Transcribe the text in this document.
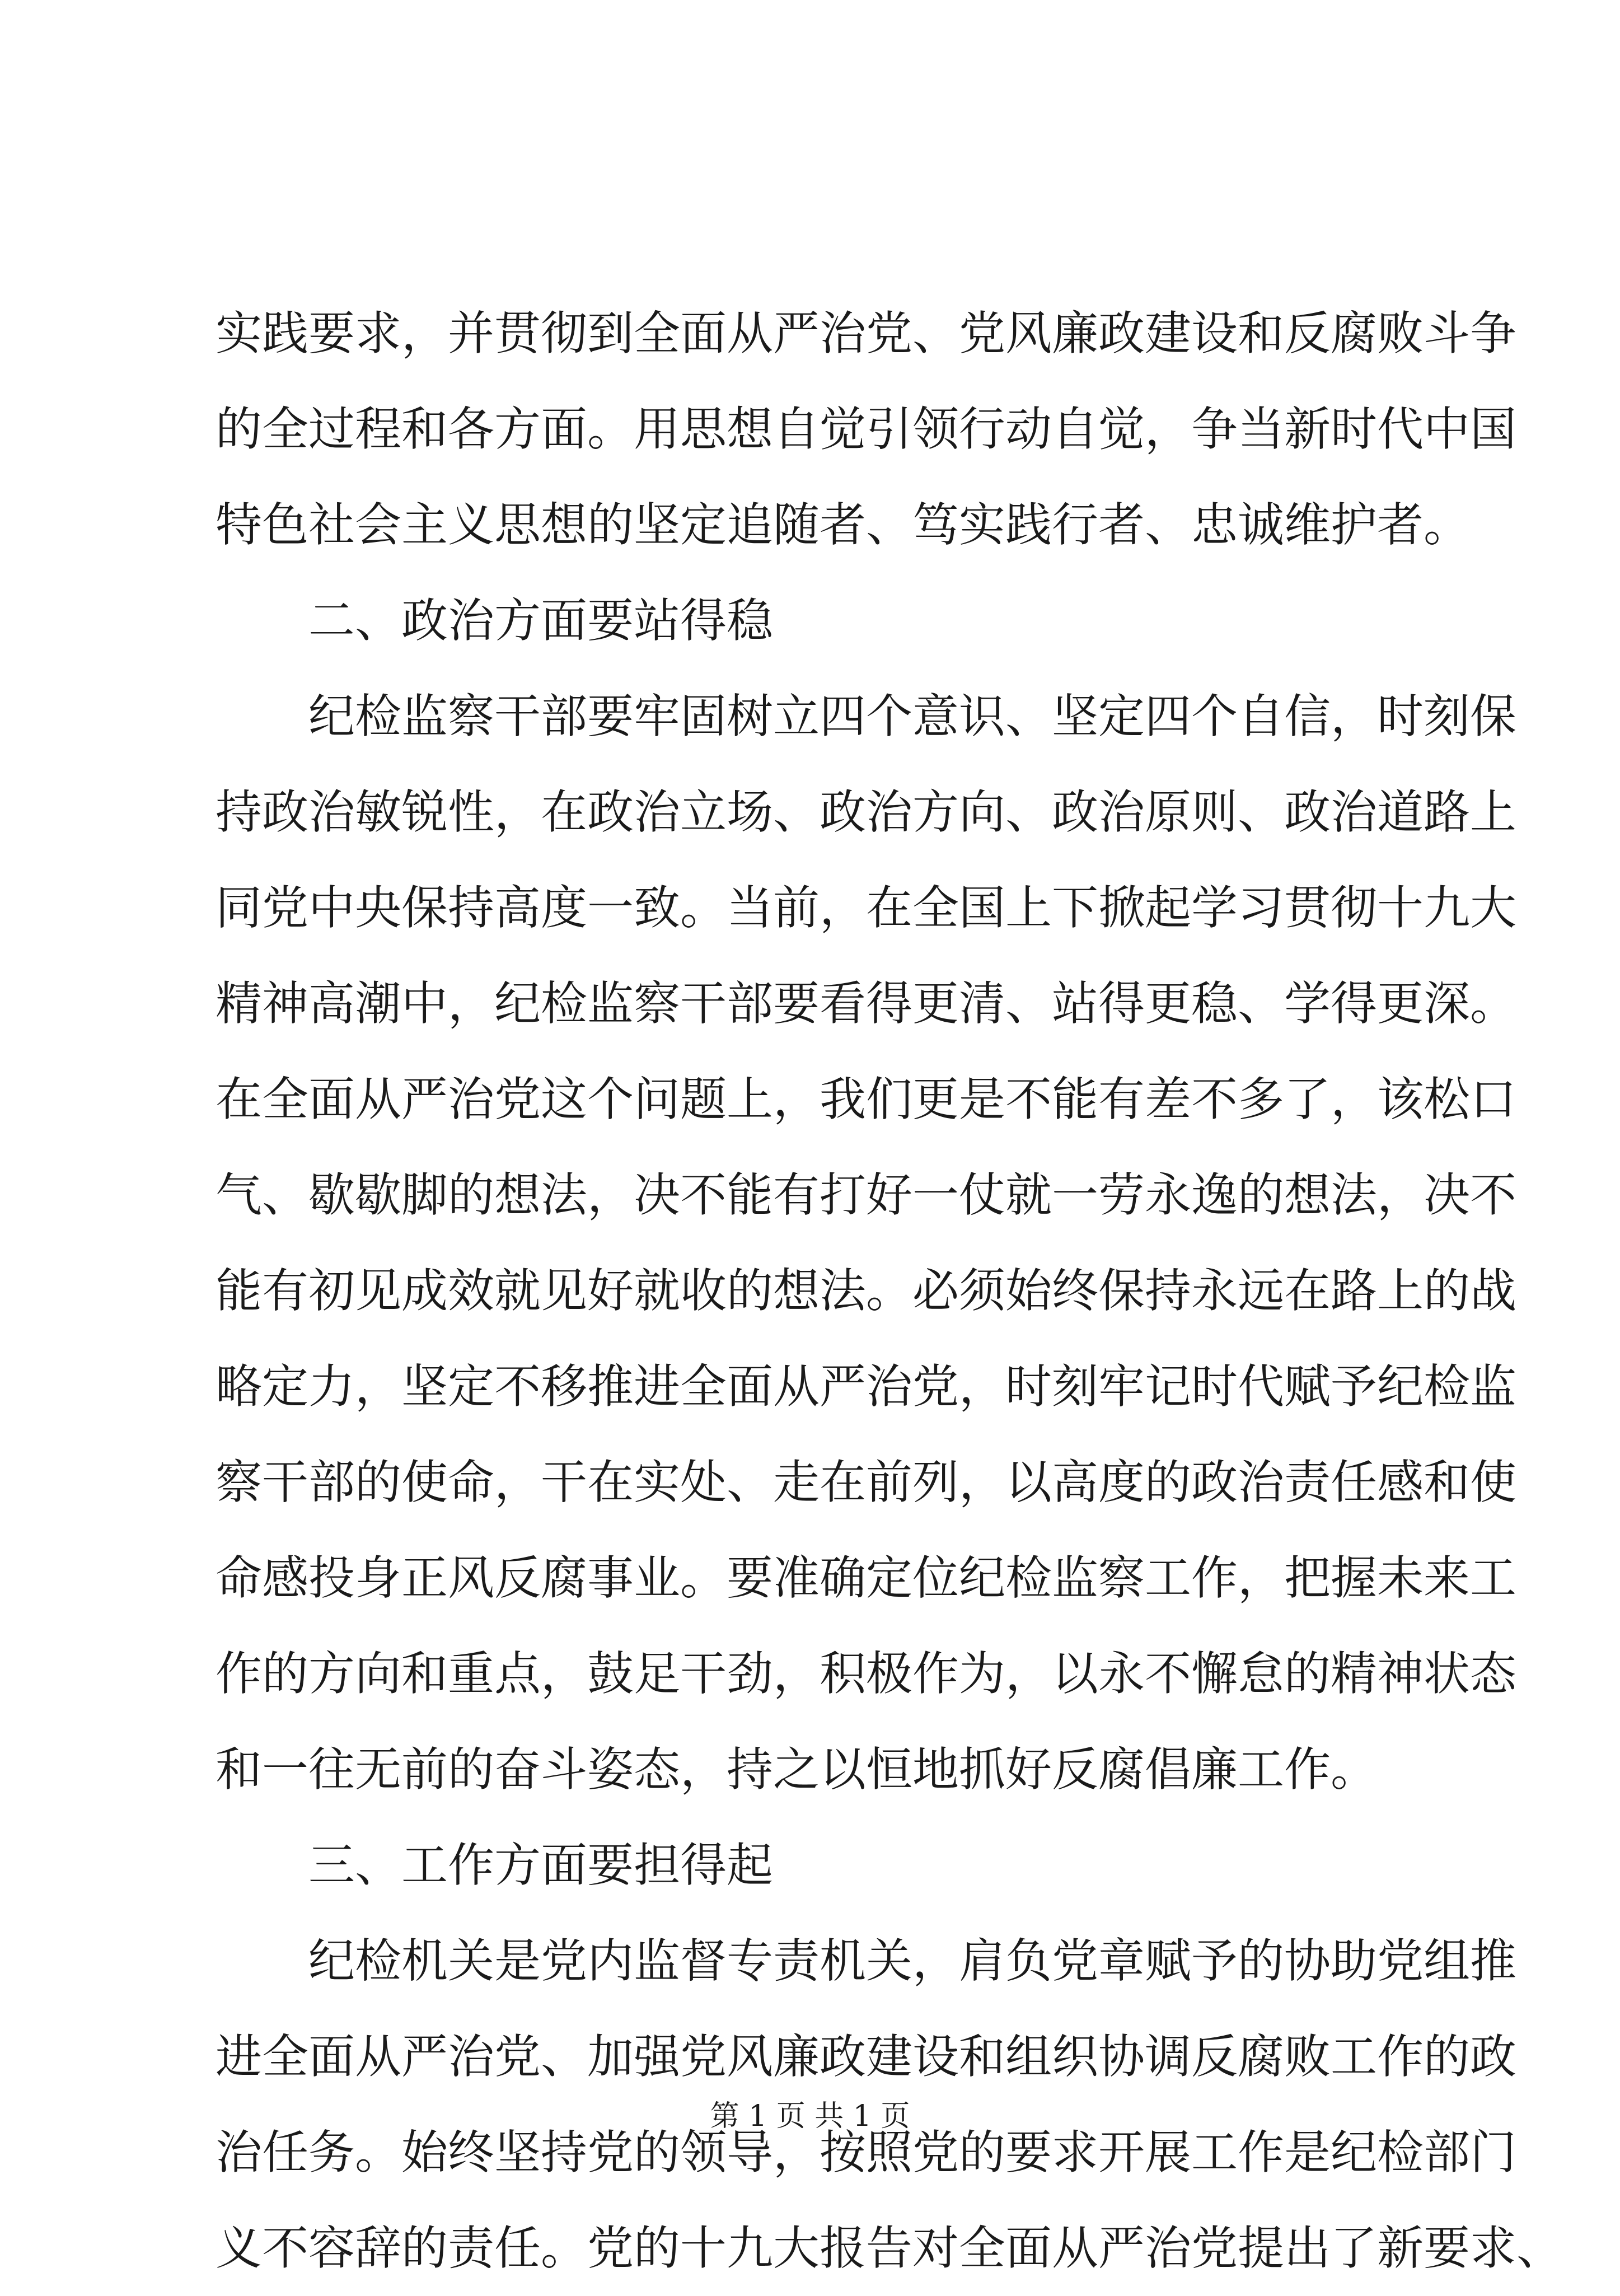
实践要求，并贯彻到全面从严治党、党风廉政建设和反腐败斗争
的全过程和各方面。用思想自觉引领行动自觉，争当新时代中国
特色社会主义思想的坚定追随者、笃实践行者、忠诚维护者。
二、政治方面要站得稳
纪检监察干部要牢固树立四个意识、坚定四个自信，时刻保
持政治敏锐性，在政治立场、政治方向、政治原则、政治道路上
同党中央保持高度一致。当前，在全国上下掀起学习贯彻十九大
精神高潮中，纪检监察干部要看得更清、站得更稳、学得更深。
在全面从严治党这个问题上，我们更是不能有差不多了，该松口
气、歇歇脚的想法，决不能有打好一仗就一劳永逸的想法，决不
能有初见成效就见好就收的想法。必须始终保持永远在路上的战
略定力，坚定不移推进全面从严治党，时刻牢记时代赋予纪检监
察干部的使命，干在实处、走在前列，以高度的政治责任感和使
命感投身正风反腐事业。要准确定位纪检监察工作，把握未来工
作的方向和重点，鼓足干劲，积极作为，以永不懈怠的精神状态
和一往无前的奋斗姿态，持之以恒地抓好反腐倡廉工作。
三、工作方面要担得起
纪检机关是党内监督专责机关，肩负党章赋予的协助党组推
进全面从严治党、加强党风廉政建设和组织协调反腐败工作的政
治任务。始终坚持党的领导，按照党的要求开展工作是纪检部门
义不容辞的责任。党的十九大报告对全面从严治党提出了新要求、
第 1 页 共 1 页
